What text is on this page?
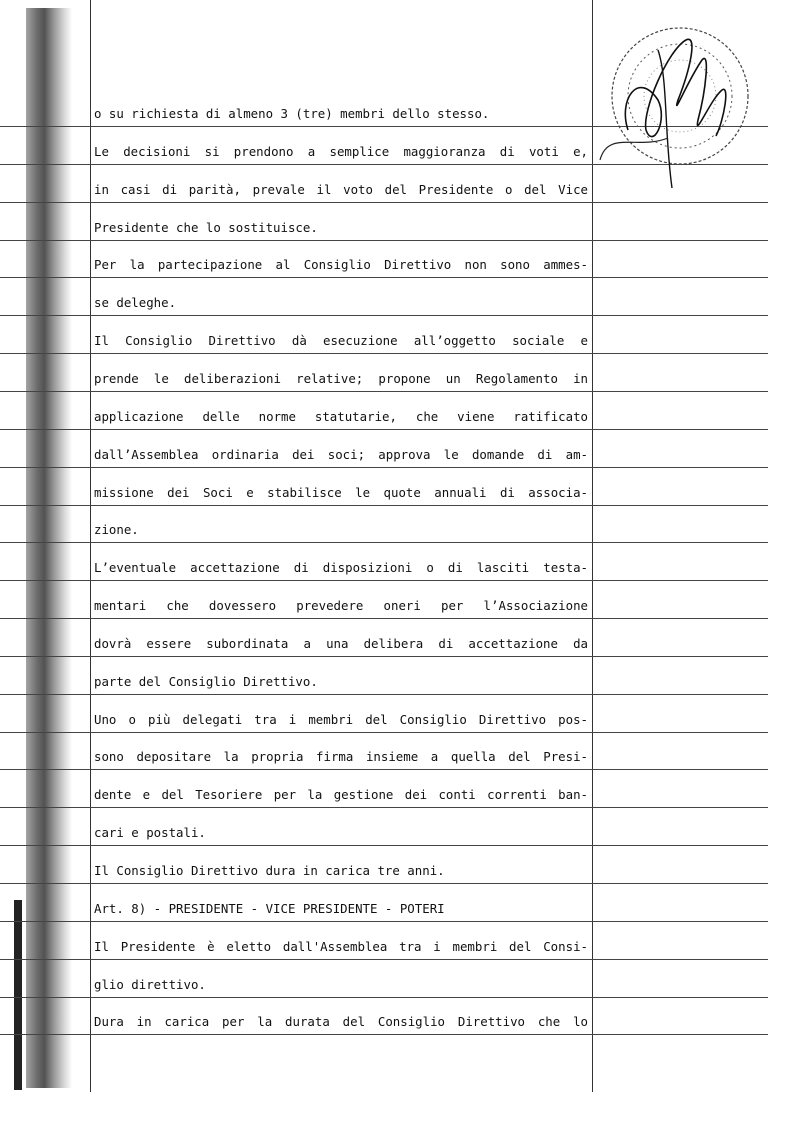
o su richiesta di almeno 3 (tre) membri dello stesso.
Le decisioni si prendono a semplice maggioranza di voti e,
in casi di parità, prevale il voto del Presidente o del Vice
Presidente che lo sostituisce.
Per la partecipazione al Consiglio Direttivo non sono ammes-
se deleghe.
Il Consiglio Direttivo dà esecuzione all’oggetto sociale e
prende le deliberazioni relative; propone un Regolamento in
applicazione delle norme statutarie, che viene ratificato
dall’Assemblea ordinaria dei soci; approva le domande di am-
missione dei Soci e stabilisce le quote annuali di associa-
zione.
L’eventuale accettazione di disposizioni o di lasciti testa-
mentari che dovessero prevedere oneri per l’Associazione
dovrà essere subordinata a una delibera di accettazione da
parte del Consiglio Direttivo.
Uno o più delegati tra i membri del Consiglio Direttivo pos-
sono depositare la propria firma insieme a quella del Presi-
dente e del Tesoriere per la gestione dei conti correnti ban-
cari e postali.
Il Consiglio Direttivo dura in carica tre anni.
Art. 8) - PRESIDENTE - VICE PRESIDENTE - POTERI
Il Presidente è eletto dall'Assemblea tra i membri del Consi-
glio direttivo.
Dura in carica per la durata del Consiglio Direttivo che lo
